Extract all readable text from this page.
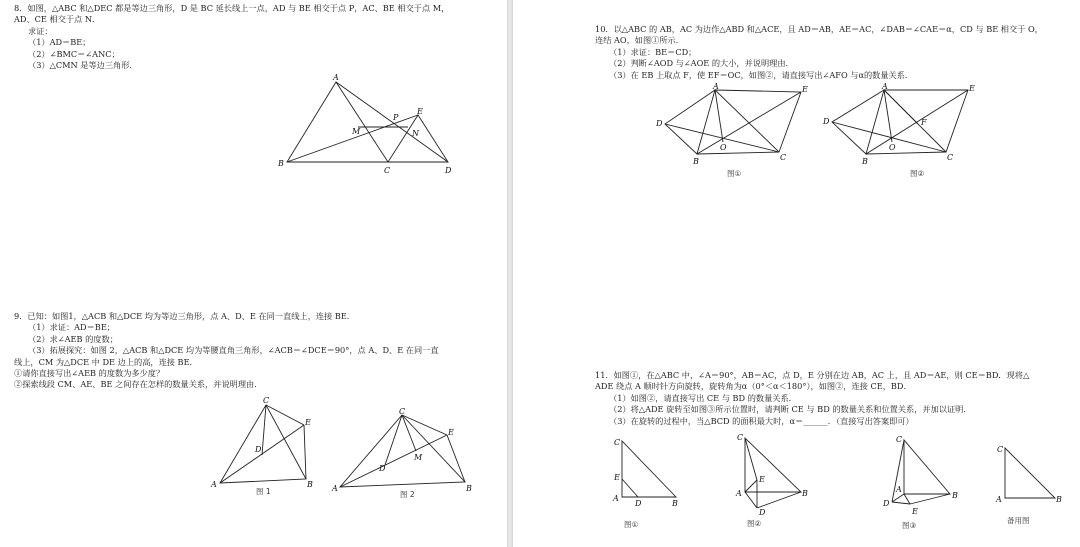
8．如图，△ABC 和△DEC 都是等边三角形，D 是 BC 延长线上一点，AD 与 BE 相交于点 P，AC、BE 相交于点 M，
AD、CE 相交于点 N．
求证：
（1）AD＝BE；
（2）∠BMC＝∠ANC；
（3）△CMN 是等边三角形．
A
B
C	D
E
M	N
P
9．已知：如图1，△ACB 和△DCE 均为等边三角形，点 A、D、E 在同一直线上，连接 BE．
（1）求证：AD＝BE；
（2）求∠AEB 的度数；
（3）拓展探究：如图 2，△ACB 和△DCE 均为等腰直角三角形，∠ACB＝∠DCE＝90°，点 A、D、E 在同一直
线上，CM 为△DCE 中 DE 边上的高，连接 BE．
①请你直接写出∠AEB 的度数为多少度？
②探索线段 CM、AE、BE 之间存在怎样的数量关系，并说明理由．
C
A	B
E
D
图 1
C
A	B
E
D
M
图 2
10．以△ABC 的 AB，AC 为边作△ABD 和△ACE，且 AD＝AB，AE＝AC，∠DAB＝∠CAE＝α，CD 与 BE 相交于 O，
连结 AO，如图①所示．
（1）求证：BE＝CD；
（2）判断∠AOD 与∠AOE 的大小，并说明理由．
（3）在 EB 上取点 F，使 EF＝OC，如图②，请直接写出∠AFO 与α的数量关系．
A
D
B	C
E
O
图①
A
D
B	C
E
O
F
图②
11．如图①，在△ABC 中，∠A＝90°，AB＝AC，点 D，E 分别在边 AB，AC 上，且 AD＝AE，则 CE＝BD．现将△
ADE 绕点 A 顺时针方向旋转，旋转角为α（0°＜α＜180°），如图②，连接 CE，BD．
（1）如图②，请直接写出 CE 与 BD 的数量关系．
（2）将△ADE 旋转至如图③所示位置时，请判断 CE 与 BD 的数量关系和位置关系，并加以证明．
（3）在旋转的过程中，当△BCD 的面积最大时，α＝______．（直接写出答案即可）
C
E
A
D	B
图①
C
E
A
D
B
图②
C
A
D
E
B
图③
C
A	B
备用图
